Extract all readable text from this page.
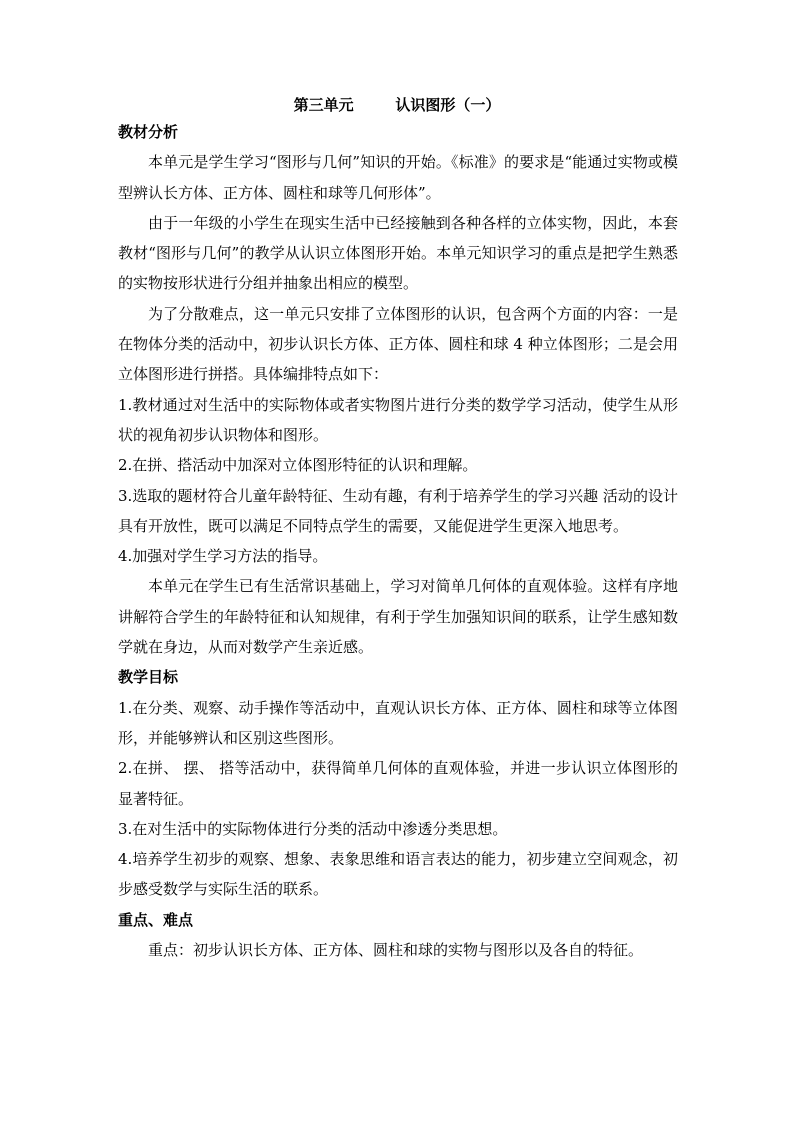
第三单元        认识图形（一）
教材分析

本单元是学生学习“图形与几何”知识的开始。《标准》的要求是“能通过实物或模型辨认长方体、正方体、圆柱和球等几何形体”。

由于一年级的小学生在现实生活中已经接触到各种各样的立体实物，因此，本套教材“图形与几何”的教学从认识立体图形开始。本单元知识学习的重点是把学生熟悉的实物按形状进行分组并抽象出相应的模型。

为了分散难点，这一单元只安排了立体图形的认识，包含两个方面的内容：一是在物体分类的活动中，初步认识长方体、正方体、圆柱和球 4 种立体图形；二是会用立体图形进行拼搭。具体编排特点如下：

1.教材通过对生活中的实际物体或者实物图片进行分类的数学学习活动，使学生从形状的视角初步认识物体和图形。

2.在拼、搭活动中加深对立体图形特征的认识和理解。

3.选取的题材符合儿童年龄特征、生动有趣，有利于培养学生的学习兴趣 活动的设计具有开放性，既可以满足不同特点学生的需要，又能促进学生更深入地思考。

4.加强对学生学习方法的指导。

本单元在学生已有生活常识基础上，学习对简单几何体的直观体验。这样有序地讲解符合学生的年龄特征和认知规律，有利于学生加强知识间的联系，让学生感知数学就在身边，从而对数学产生亲近感。

教学目标

1.在分类、观察、动手操作等活动中，直观认识长方体、正方体、圆柱和球等立体图形，并能够辨认和区别这些图形。

2.在拼、 摆、 搭等活动中，获得简单几何体的直观体验，并进一步认识立体图形的显著特征。

3.在对生活中的实际物体进行分类的活动中渗透分类思想。

4.培养学生初步的观察、想象、表象思维和语言表达的能力，初步建立空间观念，初步感受数学与实际生活的联系。

重点、难点

重点：初步认识长方体、正方体、圆柱和球的实物与图形以及各自的特征。
